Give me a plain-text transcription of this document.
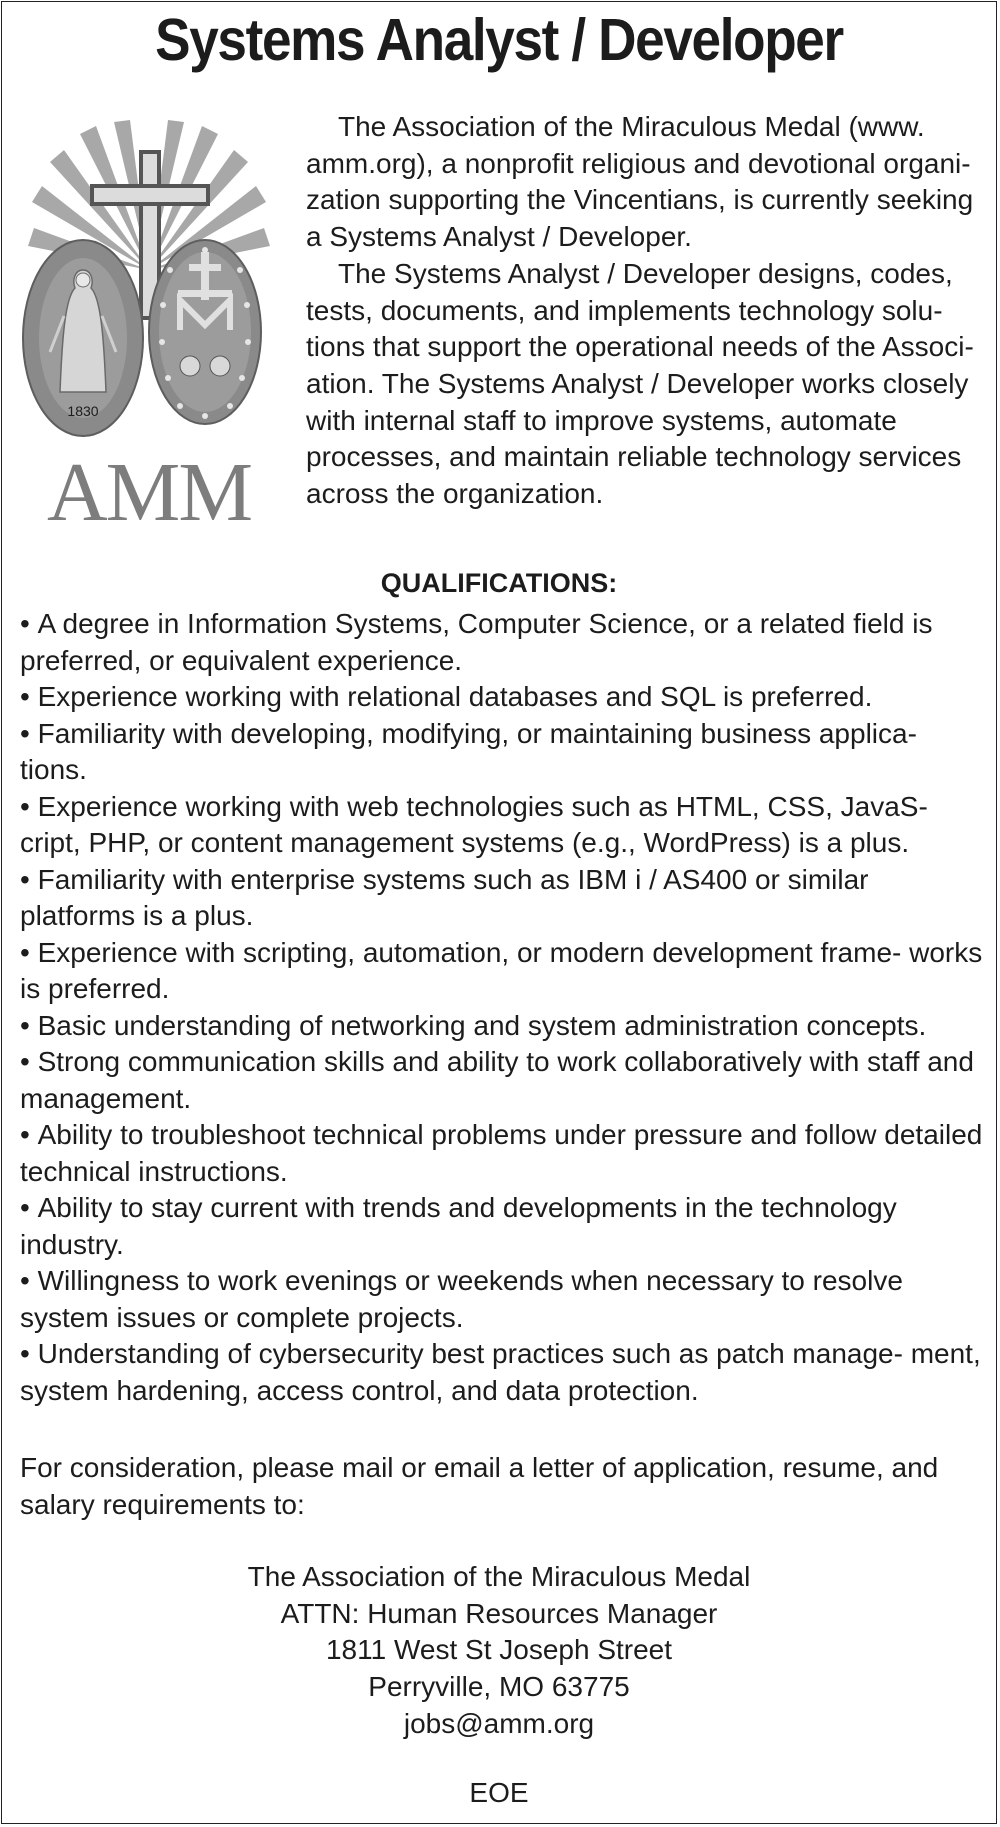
Systems Analyst / Developer
1830
AMM

The Association of the Miraculous Medal (www. amm.org), a nonprofit religious and devotional organi- zation supporting the Vincentians, is currently seeking a Systems Analyst / Developer.

The Systems Analyst / Developer designs, codes, tests, documents, and implements technology solu- tions that support the operational needs of the Associ- ation. The Systems Analyst / Developer works closely with internal staff to improve systems, automate processes, and maintain reliable technology services across the organization.

QUALIFICATIONS:
• A degree in Information Systems, Computer Science, or a related field is preferred, or equivalent experience.
• Experience working with relational databases and SQL is preferred.
• Familiarity with developing, modifying, or maintaining business applica- tions.
• Experience working with web technologies such as HTML, CSS, JavaS- cript, PHP, or content management systems (e.g., WordPress) is a plus.
• Familiarity with enterprise systems such as IBM i / AS400 or similar platforms is a plus.
• Experience with scripting, automation, or modern development frame- works is preferred.
• Basic understanding of networking and system administration concepts.
• Strong communication skills and ability to work collaboratively with staff and management.
• Ability to troubleshoot technical problems under pressure and follow detailed technical instructions.
• Ability to stay current with trends and developments in the technology industry.
• Willingness to work evenings or weekends when necessary to resolve system issues or complete projects.
• Understanding of cybersecurity best practices such as patch manage- ment, system hardening, access control, and data protection.

For consideration, please mail or email a letter of application, resume, and salary requirements to:

The Association of the Miraculous Medal
ATTN: Human Resources Manager
1811 West St Joseph Street
Perryville, MO 63775
jobs@amm.org

EOE
